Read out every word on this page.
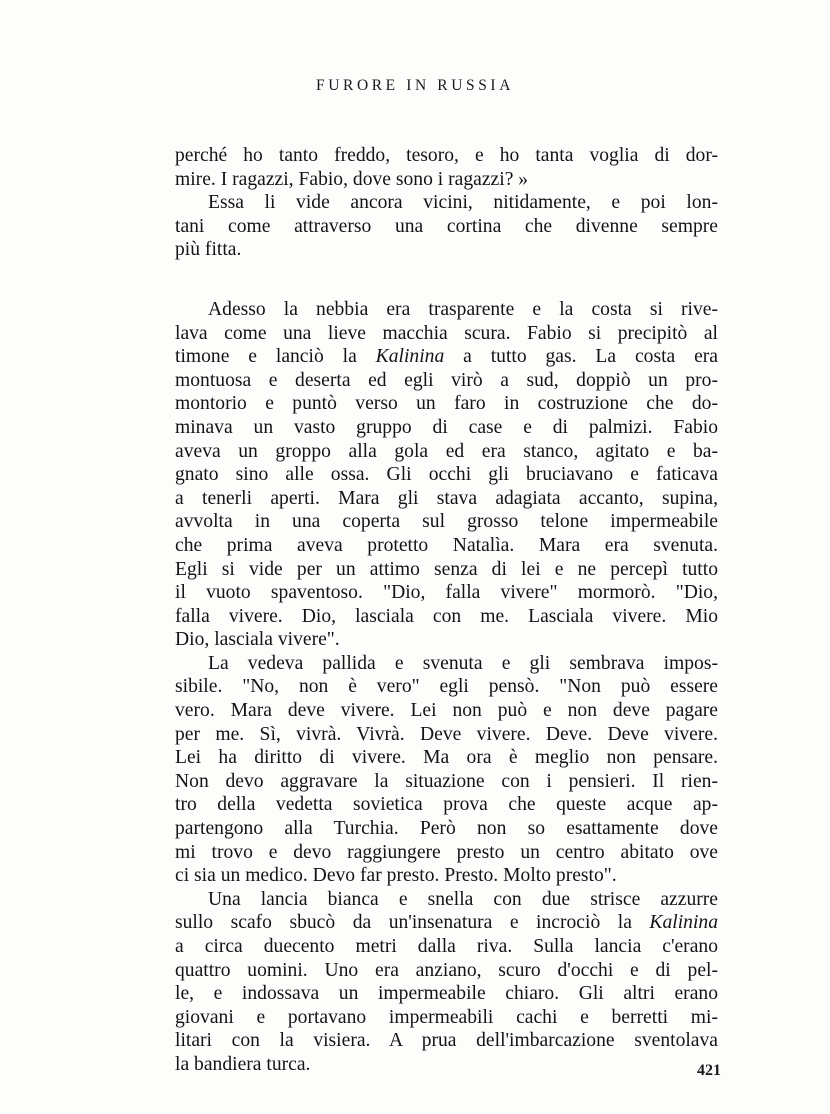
FURORE IN RUSSIA
perché ho tanto freddo, tesoro, e ho tanta voglia di dor-
mire. I ragazzi, Fabio, dove sono i ragazzi? »
Essa li vide ancora vicini, nitidamente, e poi lon-
tani come attraverso una cortina che divenne sempre
più fitta.
Adesso la nebbia era trasparente e la costa si rive-
lava come una lieve macchia scura. Fabio si precipitò al
timone e lanciò la Kalinina a tutto gas. La costa era
montuosa e deserta ed egli virò a sud, doppiò un pro-
montorio e puntò verso un faro in costruzione che do-
minava un vasto gruppo di case e di palmizi. Fabio
aveva un groppo alla gola ed era stanco, agitato e ba-
gnato sino alle ossa. Gli occhi gli bruciavano e faticava
a tenerli aperti. Mara gli stava adagiata accanto, supina,
avvolta in una coperta sul grosso telone impermeabile
che prima aveva protetto Natalìa. Mara era svenuta.
Egli si vide per un attimo senza di lei e ne percepì tutto
il vuoto spaventoso. "Dio, falla vivere" mormorò. "Dio,
falla vivere. Dio, lasciala con me. Lasciala vivere. Mio
Dio, lasciala vivere".
La vedeva pallida e svenuta e gli sembrava impos-
sibile. "No, non è vero" egli pensò. "Non può essere
vero. Mara deve vivere. Lei non può e non deve pagare
per me. Sì, vivrà. Vivrà. Deve vivere. Deve. Deve vivere.
Lei ha diritto di vivere. Ma ora è meglio non pensare.
Non devo aggravare la situazione con i pensieri. Il rien-
tro della vedetta sovietica prova che queste acque ap-
partengono alla Turchia. Però non so esattamente dove
mi trovo e devo raggiungere presto un centro abitato ove
ci sia un medico. Devo far presto. Presto. Molto presto".
Una lancia bianca e snella con due strisce azzurre
sullo scafo sbucò da un'insenatura e incrociò la Kalinina
a circa duecento metri dalla riva. Sulla lancia c'erano
quattro uomini. Uno era anziano, scuro d'occhi e di pel-
le, e indossava un impermeabile chiaro. Gli altri erano
giovani e portavano impermeabili cachi e berretti mi-
litari con la visiera. A prua dell'imbarcazione sventolava
la bandiera turca.	421
